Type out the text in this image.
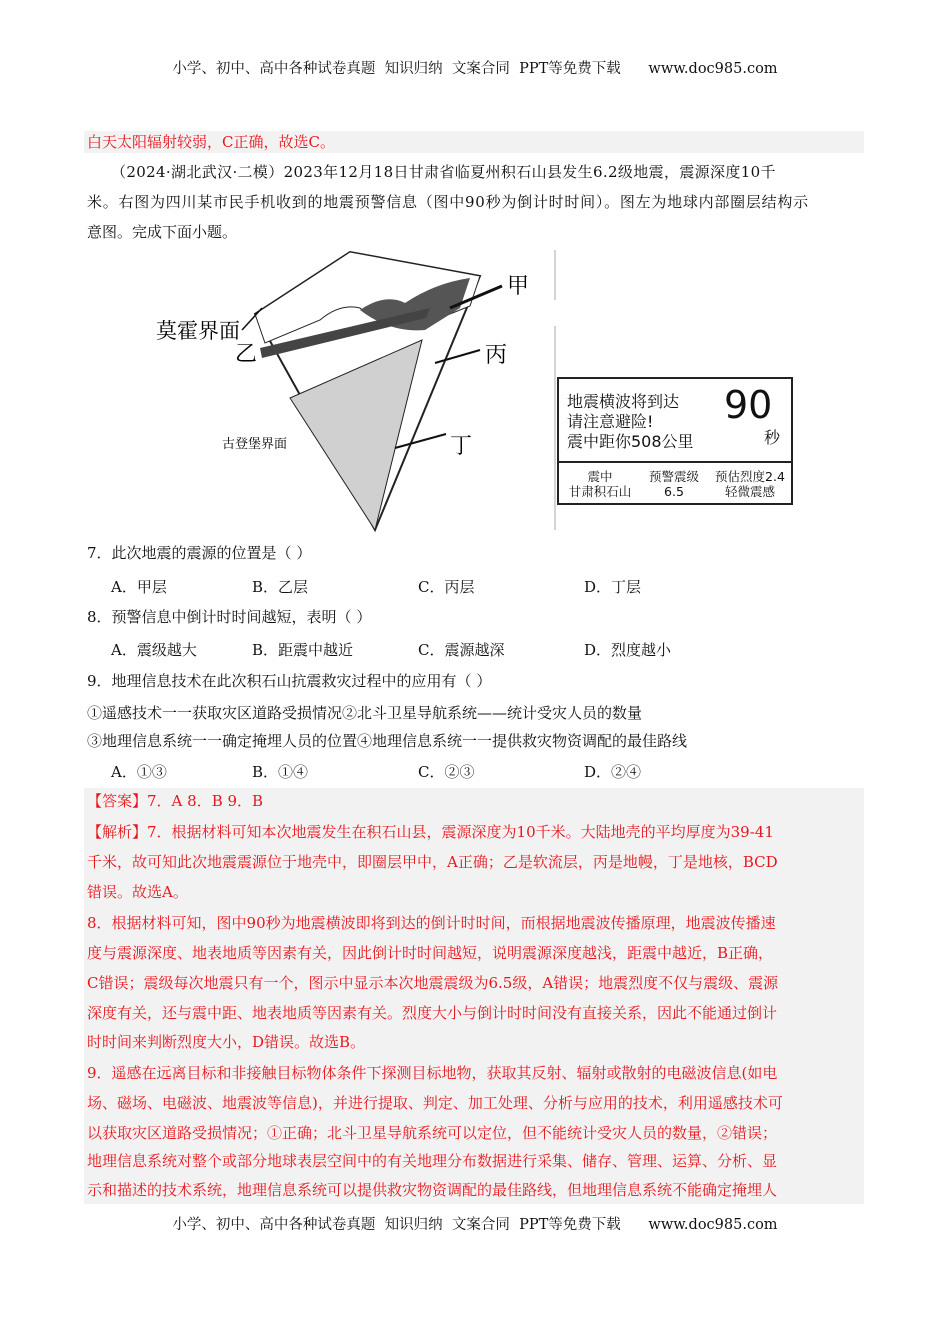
小学、初中、高中各种试卷真题  知识归纳  文案合同  PPT等免费下载      www.doc985.com
白天太阳辐射较弱，C正确，故选C。
（2024·湖北武汉·二模）2023年12月18日甘肃省临夏州积石山县发生6.2级地震，震源深度10千
米。右图为四川某市民手机收到的地震预警信息（图中90秒为倒计时时间）。图左为地球内部圈层结构示
意图。完成下面小题。
莫霍界面
乙
古登堡界面
甲
丙
丁
地震横波将到达
请注意避险!
震中距你508公里
90
秒
震中
甘肃积石山
预警震级
6.5
预估烈度2.4
轻微震感
7．此次地震的震源的位置是（ ）
A．甲层	B．乙层	C．丙层	D．丁层
8．预警信息中倒计时时间越短，表明（ ）
A．震级越大	B．距震中越近	C．震源越深	D．烈度越小
9．地理信息技术在此次积石山抗震救灾过程中的应用有（ ）
①遥感技术一一获取灾区道路受损情况②北斗卫星导航系统——统计受灾人员的数量
③地理信息系统一一确定掩埋人员的位置④地理信息系统一一提供救灾物资调配的最佳路线
A．①③	B．①④	C．②③	D．②④
【答案】7．A 8．B 9．B
【解析】7．根据材料可知本次地震发生在积石山县，震源深度为10千米。大陆地壳的平均厚度为39-41
千米，故可知此次地震震源位于地壳中，即圈层甲中，A正确；乙是软流层，丙是地幔，丁是地核，BCD
错误。故选A。
8．根据材料可知，图中90秒为地震横波即将到达的倒计时时间，而根据地震波传播原理，地震波传播速
度与震源深度、地表地质等因素有关，因此倒计时时间越短，说明震源深度越浅，距震中越近，B正确，
C错误；震级每次地震只有一个，图示中显示本次地震震级为6.5级，A错误；地震烈度不仅与震级、震源
深度有关，还与震中距、地表地质等因素有关。烈度大小与倒计时时间没有直接关系，因此不能通过倒计
时时间来判断烈度大小，D错误。故选B。
9．遥感在远离目标和非接触目标物体条件下探测目标地物，获取其反射、辐射或散射的电磁波信息(如电
场、磁场、电磁波、地震波等信息)，并进行提取、判定、加工处理、分析与应用的技术，利用遥感技术可
以获取灾区道路受损情况；①正确；北斗卫星导航系统可以定位，但不能统计受灾人员的数量，②错误；
地理信息系统对整个或部分地球表层空间中的有关地理分布数据进行采集、储存、管理、运算、分析、显
示和描述的技术系统，地理信息系统可以提供救灾物资调配的最佳路线，但地理信息系统不能确定掩埋人
小学、初中、高中各种试卷真题  知识归纳  文案合同  PPT等免费下载      www.doc985.com
